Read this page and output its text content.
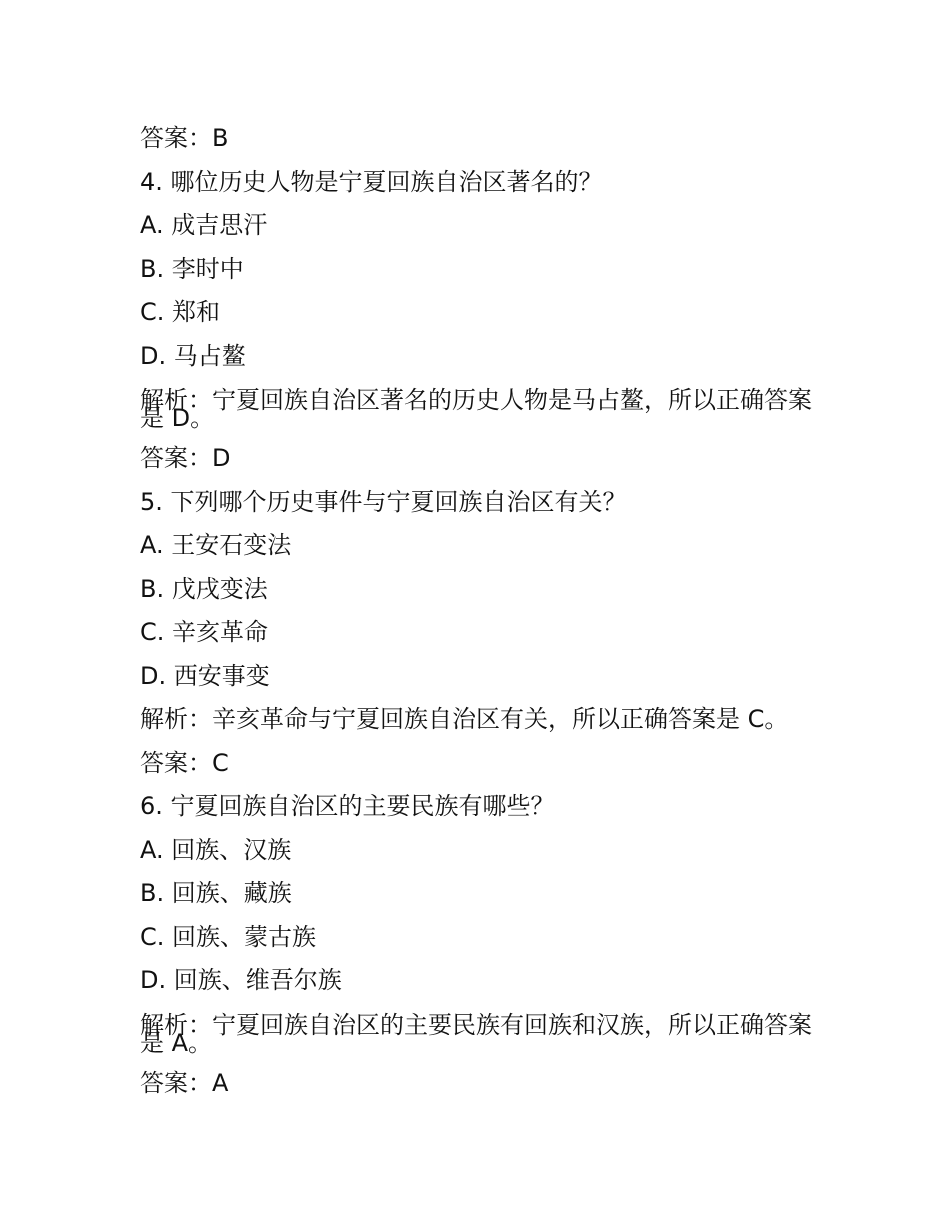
答案：B
4. 哪位历史人物是宁夏回族自治区著名的？
A. 成吉思汗
B. 李时中
C. 郑和
D. 马占鳌
解析：宁夏回族自治区著名的历史人物是马占鳌，所以正确答案是 D。
答案：D
5. 下列哪个历史事件与宁夏回族自治区有关？
A. 王安石变法
B. 戊戌变法
C. 辛亥革命
D. 西安事变
解析：辛亥革命与宁夏回族自治区有关，所以正确答案是 C。
答案：C
6. 宁夏回族自治区的主要民族有哪些？
A. 回族、汉族
B. 回族、藏族
C. 回族、蒙古族
D. 回族、维吾尔族
解析：宁夏回族自治区的主要民族有回族和汉族，所以正确答案是 A。
答案：A
